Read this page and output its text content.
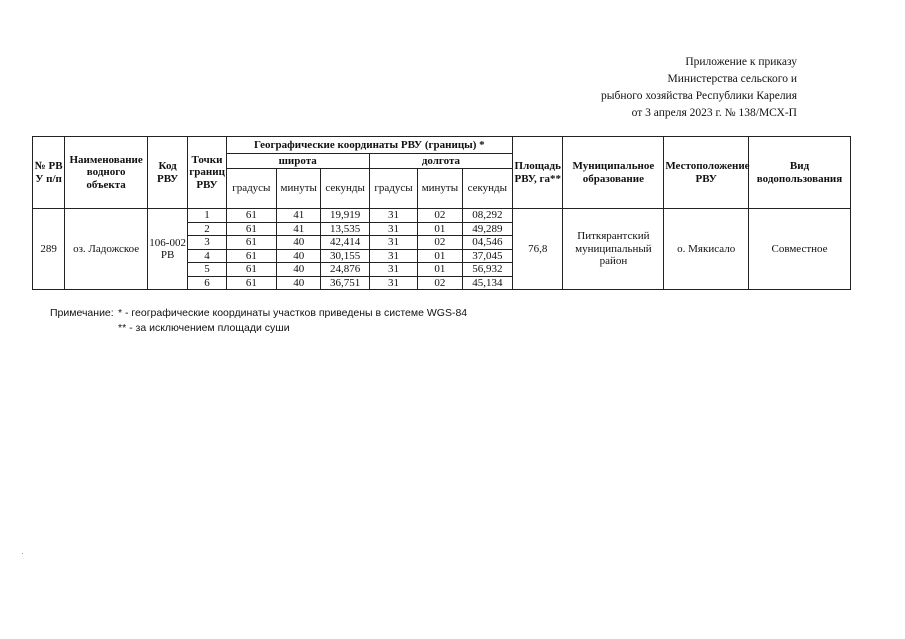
Приложение к приказу
Министерства сельского и
рыбного хозяйства Республики Карелия
от 3 апреля 2023 г. № 138/МСХ-П
№ РВ У п/п	Наименование водного объекта	Код РВУ	Точки границ РВУ	Географические координаты РВУ (границы) *						Площадь РВУ, га**	Муниципальное образование	Местоположение РВУ	Вид водопользования
				широта			долгота						
				градусы	минуты	секунды	градусы	минуты	секунды				
289	оз. Ладожское	106-002 РВ	1	61	41	19,919	31	02	08,292	76,8	Питкярантский муниципальный район	о. Мякисало	Совместное
			2	61	41	13,535	31	01	49,289				
			3	61	40	42,414	31	02	04,546				
			4	61	40	30,155	31	01	37,045				
			5	61	40	24,876	31	01	56,932				
			6	61	40	36,751	31	02	45,134				
Примечание: * - географические координаты участков приведены в системе WGS-84
** - за исключением площади суши
